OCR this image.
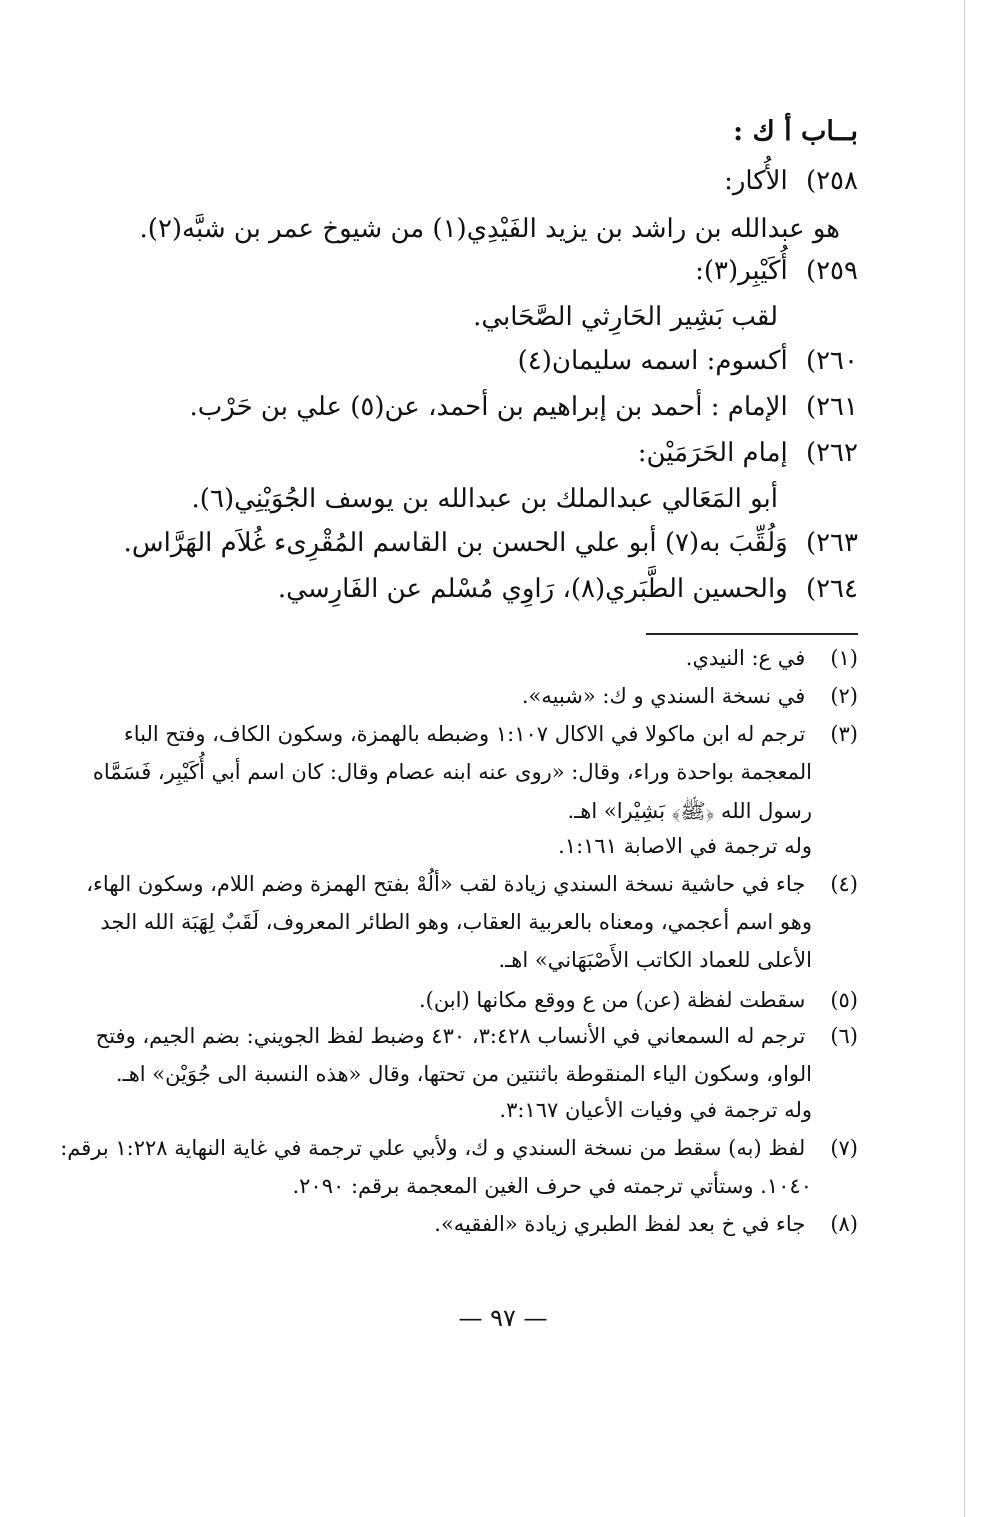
بــاب أ ك :
٢٥٨) الأُكار:
هو عبدالله بن راشد بن يزيد الفَيْدِي(١) من شيوخ عمر بن شبَّه(٢).
٢٥٩) أُكَيْبِر(٣):
لقب بَشِير الحَارِثي الصَّحَابي.
٢٦٠) أكسوم: اسمه سليمان(٤)
٢٦١) الإمام : أحمد بن إبراهيم بن أحمد، عن(٥) علي بن حَرْب.
٢٦٢) إمام الحَرَمَيْن:
أبو المَعَالي عبدالملك بن عبدالله بن يوسف الجُوَيْنِي(٦).
٢٦٣) وَلُقِّبَ به(٧) أبو علي الحسن بن القاسم المُقْرِىء غُلاَم الهَرَّاس.
٢٦٤) والحسين الطَّبَري(٨)، رَاوِي مُسْلم عن الفَارِسي.
(١) في ع: النيدي.
(٢) في نسخة السندي و ك: «شبيه».
(٣) ترجم له ابن ماكولا في الاكال ١:١٠٧ وضبطه بالهمزة، وسكون الكاف، وفتح الباء
المعجمة بواحدة وراء، وقال: «روى عنه ابنه عصام وقال: كان اسم أبي أُكَيْبِر، فَسَمَّاه
رسول الله ﴿ﷺ﴾ بَشِيْرا» اهـ.
وله ترجمة في الاصابة ١:١٦١.
(٤) جاء في حاشية نسخة السندي زيادة لقب «ألُهْ بفتح الهمزة وضم اللام، وسكون الهاء،
وهو اسم أعجمي، ومعناه بالعربية العقاب، وهو الطائر المعروف، لَقَبٌ لِهَبَة الله الجد
الأعلى للعماد الكاتب الأَصْبَهَاني» اهـ.
(٥) سقطت لفظة (عن) من ع ووقع مكانها (ابن).
(٦) ترجم له السمعاني في الأنساب ٣:٤٢٨، ٤٣٠ وضبط لفظ الجويني: بضم الجيم، وفتح
الواو، وسكون الياء المنقوطة باثنتين من تحتها، وقال «هذه النسبة الى جُوَيْن» اهـ.
وله ترجمة في وفيات الأعيان ٣:١٦٧.
(٧) لفظ (به) سقط من نسخة السندي و ك، ولأبي علي ترجمة في غاية النهاية ١:٢٢٨ برقم:
١٠٤٠. وستأتي ترجمته في حرف الغين المعجمة برقم: ٢٠٩٠.
(٨) جاء في خ بعد لفظ الطبري زيادة «الفقيه».
— ٩٧ —
